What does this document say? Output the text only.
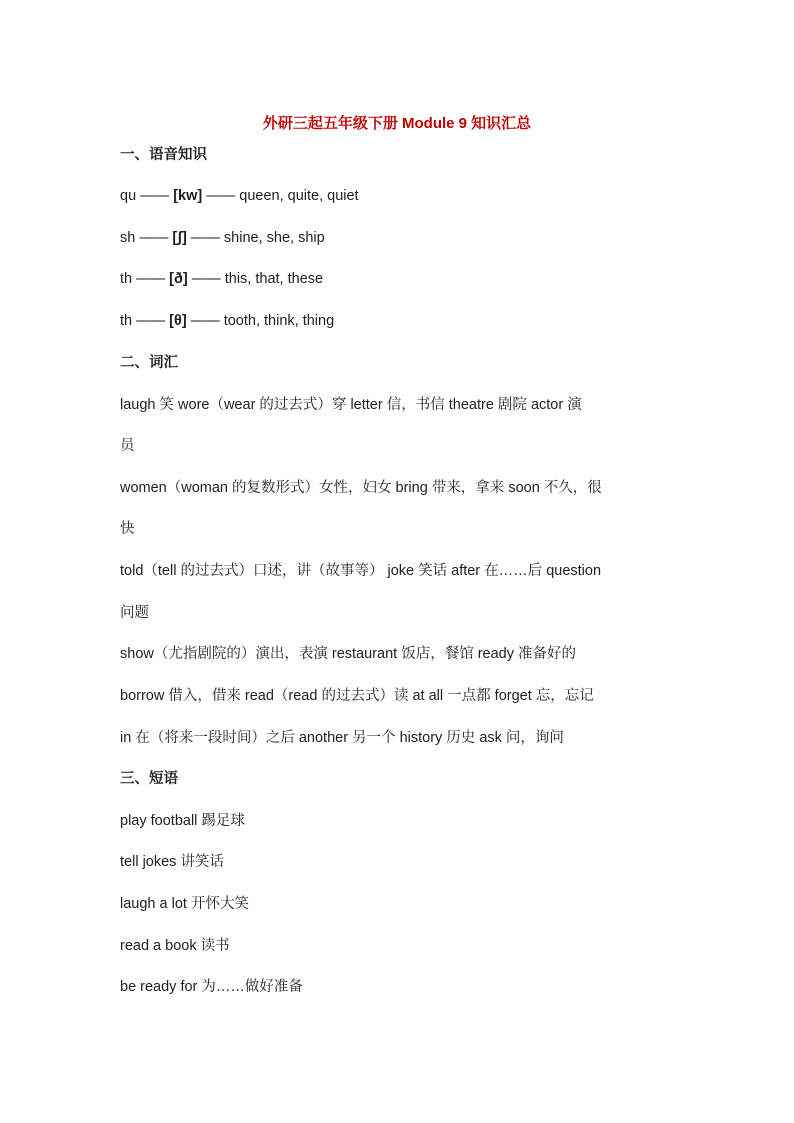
外研三起五年级下册 Module 9 知识汇总
一、语音知识
qu —— [kw] —— queen, quite, quiet
sh —— [ʃ] —— shine, she, ship
th —— [ð] —— this, that, these
th —— [θ] —— tooth, think, thing
二、词汇
laugh 笑 wore（wear 的过去式）穿 letter 信，书信 theatre 剧院 actor 演
员
women（woman 的复数形式）女性，妇女 bring 带来，拿来 soon 不久，很
快
told（tell 的过去式）口述，讲（故事等） joke 笑话 after 在……后 question
问题
show（尤指剧院的）演出，表演 restaurant 饭店，餐馆 ready 准备好的
borrow 借入，借来 read（read 的过去式）读 at all 一点都 forget 忘，忘记
in 在（将来一段时间）之后 another 另一个 history 历史 ask 问，询问
三、短语
play football 踢足球
tell jokes 讲笑话
laugh a lot 开怀大笑
read a book 读书
be ready for 为……做好准备
